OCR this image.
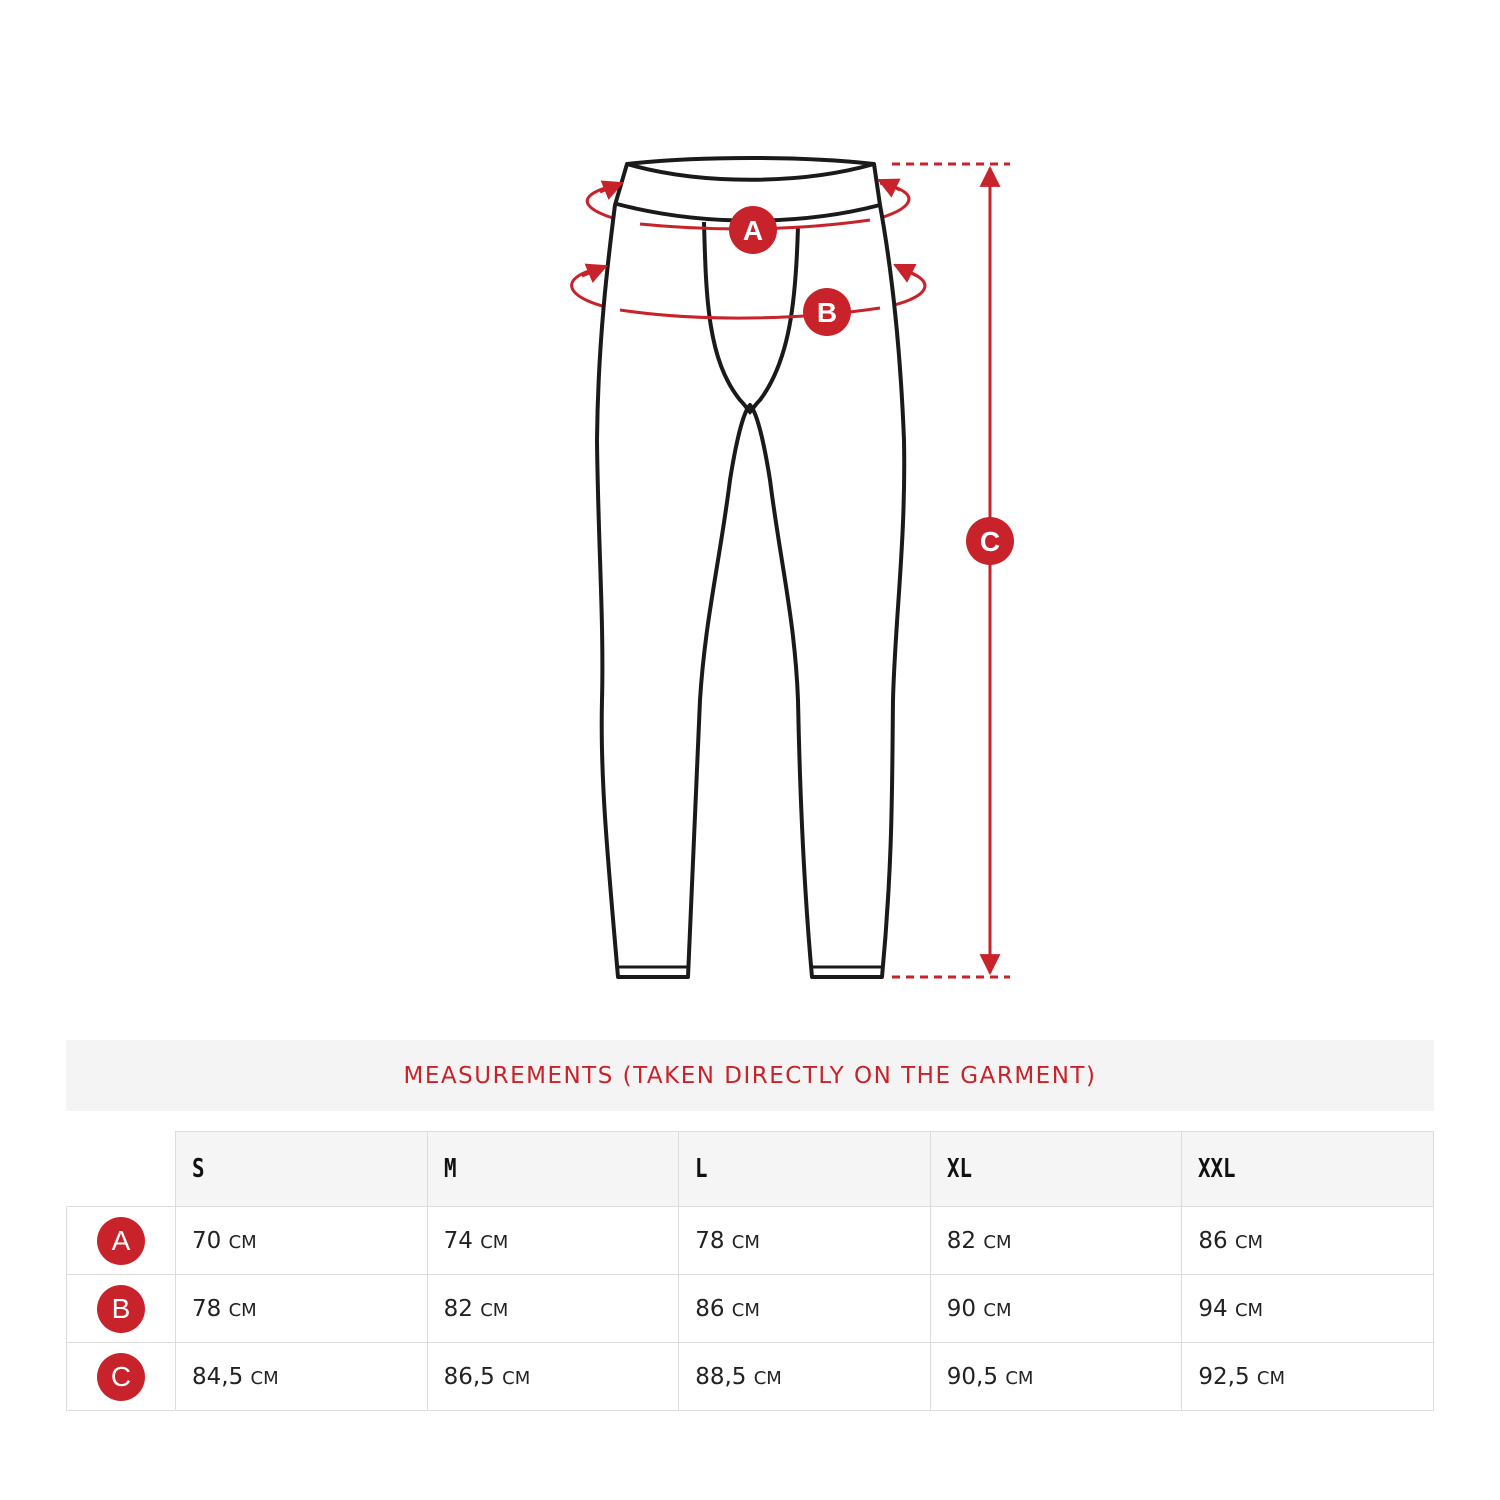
A
B
C
MEASUREMENTS (TAKEN DIRECTLY ON THE GARMENT)
	S	M	L	XL	XXL
A	70 CM	74 CM	78 CM	82 CM	86 CM
B	78 CM	82 CM	86 CM	90 CM	94 CM
C	84,5 CM	86,5 CM	88,5 CM	90,5 CM	92,5 CM
